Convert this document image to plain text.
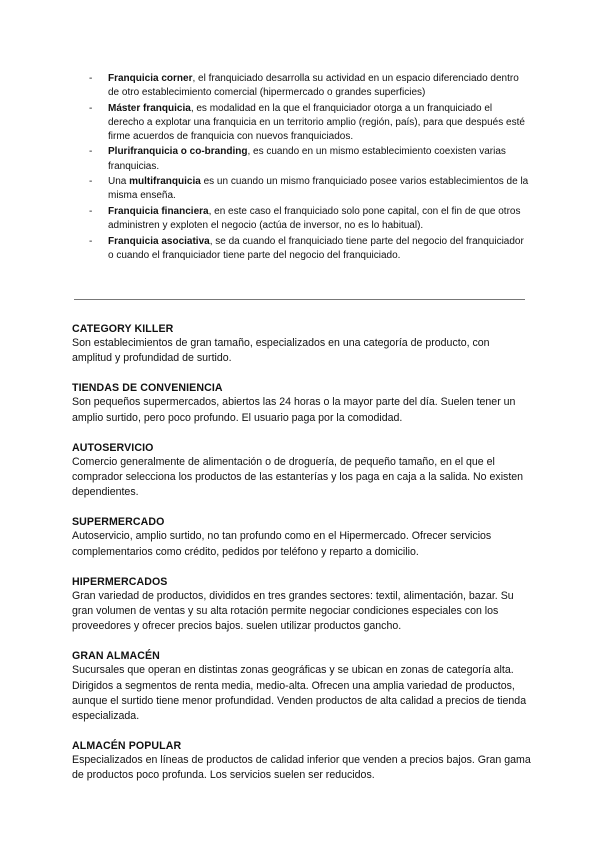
- Franquicia corner, el franquiciado desarrolla su actividad en un espacio diferenciado dentro de otro establecimiento comercial (hipermercado o grandes superficies)
- Máster franquicia, es modalidad en la que el franquiciador otorga a un franquiciado el derecho a explotar una franquicia en un territorio amplio (región, país), para que después esté firme acuerdos de franquicia con nuevos franquiciados.
- Plurifranquicia o co-branding, es cuando en un mismo establecimiento coexisten varias franquicias.
- Una multifranquicia es un cuando un mismo franquiciado posee varios establecimientos de la misma enseña.
- Franquicia financiera, en este caso el franquiciado solo pone capital, con el fin de que otros administren y exploten el negocio (actúa de inversor, no es lo habitual).
- Franquicia asociativa, se da cuando el franquiciado tiene parte del negocio del franquiciador o cuando el franquiciador tiene parte del negocio del franquiciado.
CATEGORY KILLER

Son establecimientos de gran tamaño, especializados en una categoría de producto, con amplitud y profundidad de surtido.

TIENDAS DE CONVENIENCIA

Son pequeños supermercados, abiertos las 24 horas o la mayor parte del día. Suelen tener un amplio surtido, pero poco profundo. El usuario paga por la comodidad.

AUTOSERVICIO

Comercio generalmente de alimentación o de droguería, de pequeño tamaño, en el que el comprador selecciona los productos de las estanterías y los paga en caja a la salida. No existen dependientes.

SUPERMERCADO

Autoservicio, amplio surtido, no tan profundo como en el Hipermercado. Ofrecer servicios complementarios como crédito, pedidos por teléfono y reparto a domicilio.

HIPERMERCADOS

Gran variedad de productos, divididos en tres grandes sectores: textil, alimentación, bazar. Su gran volumen de ventas y su alta rotación permite negociar condiciones especiales con los proveedores y ofrecer precios bajos. suelen utilizar productos gancho.

GRAN ALMACÉN

Sucursales que operan en distintas zonas geográficas y se ubican en zonas de categoría alta. Dirigidos a segmentos de renta media, medio-alta. Ofrecen una amplia variedad de productos, aunque el surtido tiene menor profundidad. Venden productos de alta calidad a precios de tienda especializada.

ALMACÉN POPULAR

Especializados en líneas de productos de calidad inferior que venden a precios bajos. Gran gama de productos poco profunda. Los servicios suelen ser reducidos.
